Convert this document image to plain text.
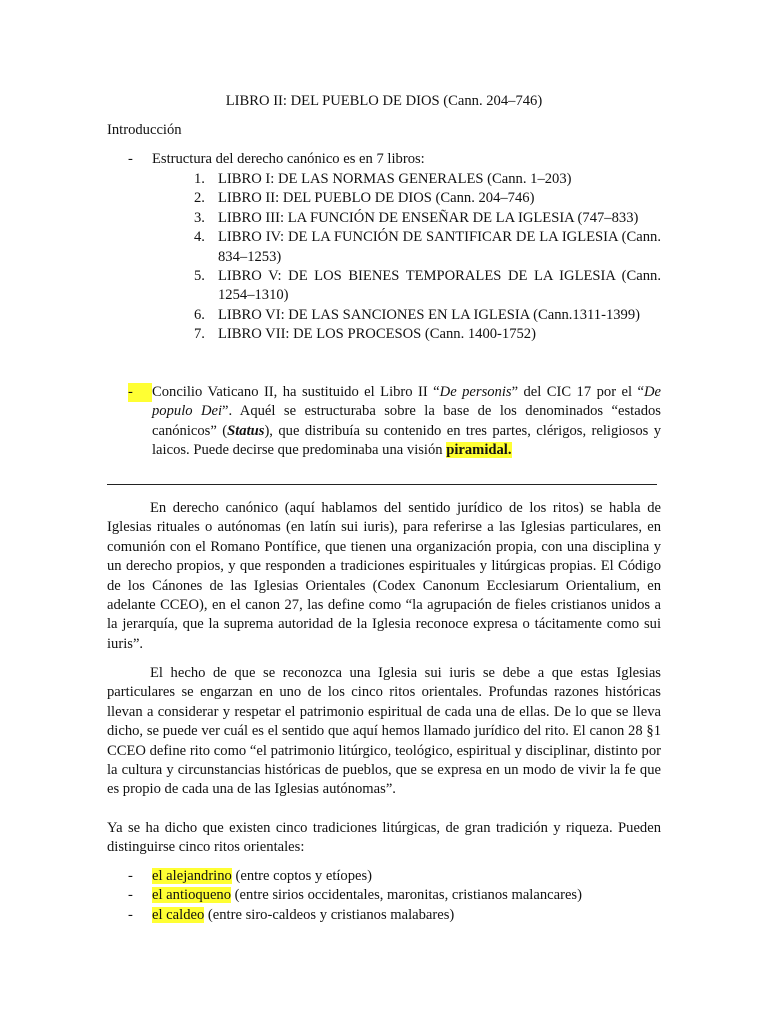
LIBRO II: DEL PUEBLO DE DIOS (Cann. 204–746)
Introducción
- Estructura del derecho canónico es en 7 libros:
1. LIBRO I: DE LAS NORMAS GENERALES (Cann. 1–203)
2. LIBRO II: DEL PUEBLO DE DIOS (Cann. 204–746)
3. LIBRO III: LA FUNCIÓN DE ENSEÑAR DE LA IGLESIA (747–833)
4. LIBRO IV: DE LA FUNCIÓN DE SANTIFICAR DE LA IGLESIA (Cann. 834–1253)
5. LIBRO V: DE LOS BIENES TEMPORALES DE LA IGLESIA (Cann. 1254–1310)
6. LIBRO VI: DE LAS SANCIONES EN LA IGLESIA (Cann.1311-1399)
7. LIBRO VII: DE LOS PROCESOS (Cann. 1400-1752)
-	Concilio Vaticano II, ha sustituido el Libro II “De personis” del CIC 17 por el “De populo Dei”. Aquél se estructuraba sobre la base de los denominados “estados canónicos” (Status), que distribuía su contenido en tres partes, clérigos, religiosos y laicos. Puede decirse que predominaba una visión piramidal.
En derecho canónico (aquí hablamos del sentido jurídico de los ritos) se habla de Iglesias rituales o autónomas (en latín sui iuris), para referirse a las Iglesias particulares, en comunión con el Romano Pontífice, que tienen una organización propia, con una disciplina y un derecho propios, y que responden a tradiciones espirituales y litúrgicas propias. El Código de los Cánones de las Iglesias Orientales (Codex Canonum Ecclesiarum Orientalium, en adelante CCEO), en el canon 27, las define como “la agrupación de fieles cristianos unidos a la jerarquía, que la suprema autoridad de la Iglesia reconoce expresa o tácitamente como sui iuris”.
El hecho de que se reconozca una Iglesia sui iuris se debe a que estas Iglesias particulares se engarzan en uno de los cinco ritos orientales. Profundas razones históricas llevan a considerar y respetar el patrimonio espiritual de cada una de ellas. De lo que se lleva dicho, se puede ver cuál es el sentido que aquí hemos llamado jurídico del rito. El canon 28 §1 CCEO define rito como “el patrimonio litúrgico, teológico, espiritual y disciplinar, distinto por la cultura y circunstancias históricas de pueblos, que se expresa en un modo de vivir la fe que es propio de cada una de las Iglesias autónomas”.
Ya se ha dicho que existen cinco tradiciones litúrgicas, de gran tradición y riqueza. Pueden distinguirse cinco ritos orientales:
- el alejandrino (entre coptos y etíopes)
- el antioqueno (entre sirios occidentales, maronitas, cristianos malancares)
- el caldeo (entre siro-caldeos y cristianos malabares)
